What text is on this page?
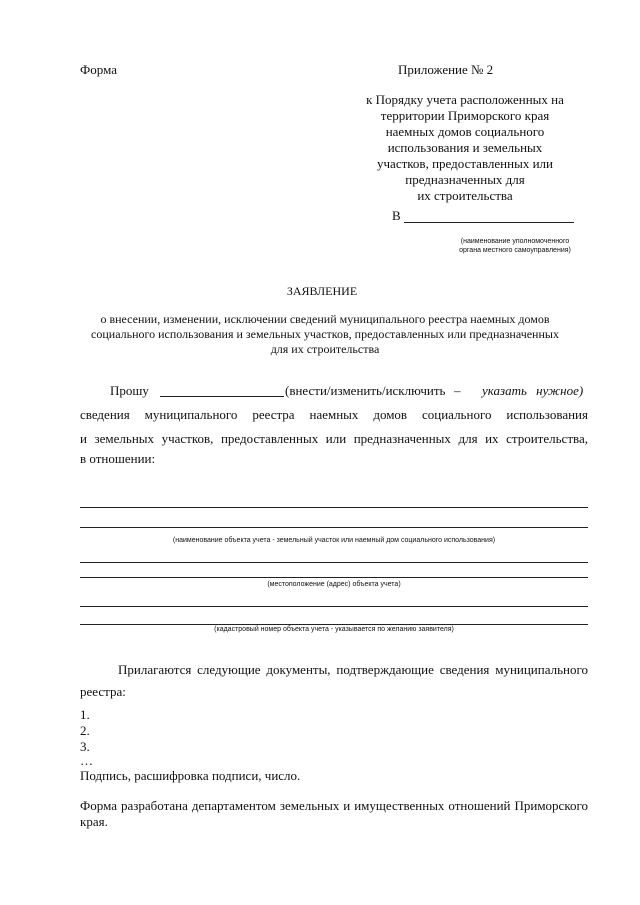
Форма	Приложение № 2
к Порядку учета расположенных на
территории Приморского края
наемных домов социального
использования и земельных
участков, предоставленных или
предназначенных для
их строительства
В
(наименование уполномоченного
органа местного самоуправления)
ЗАЯВЛЕНИЕ
о внесении, изменении, исключении сведений муниципального реестра наемных домов
социального использования и земельных участков, предоставленных или предназначенных
для их строительства
Прошу	(внести/изменить/исключить – указать нужное)
сведения муниципального реестра наемных домов социального использования
и земельных участков, предоставленных или предназначенных для их строительства,
в отношении:
(наименование объекта учета - земельный участок или наемный дом социального использования)
(местоположение (адрес) объекта учета)
(кадастровый номер объекта учета - указывается по желанию заявителя)
Прилагаются следующие документы, подтверждающие сведения муниципального
реестра:
1.
2.
3.
…
Подпись, расшифровка подписи, число.
Форма разработана департаментом земельных и имущественных отношений Приморского
края.
